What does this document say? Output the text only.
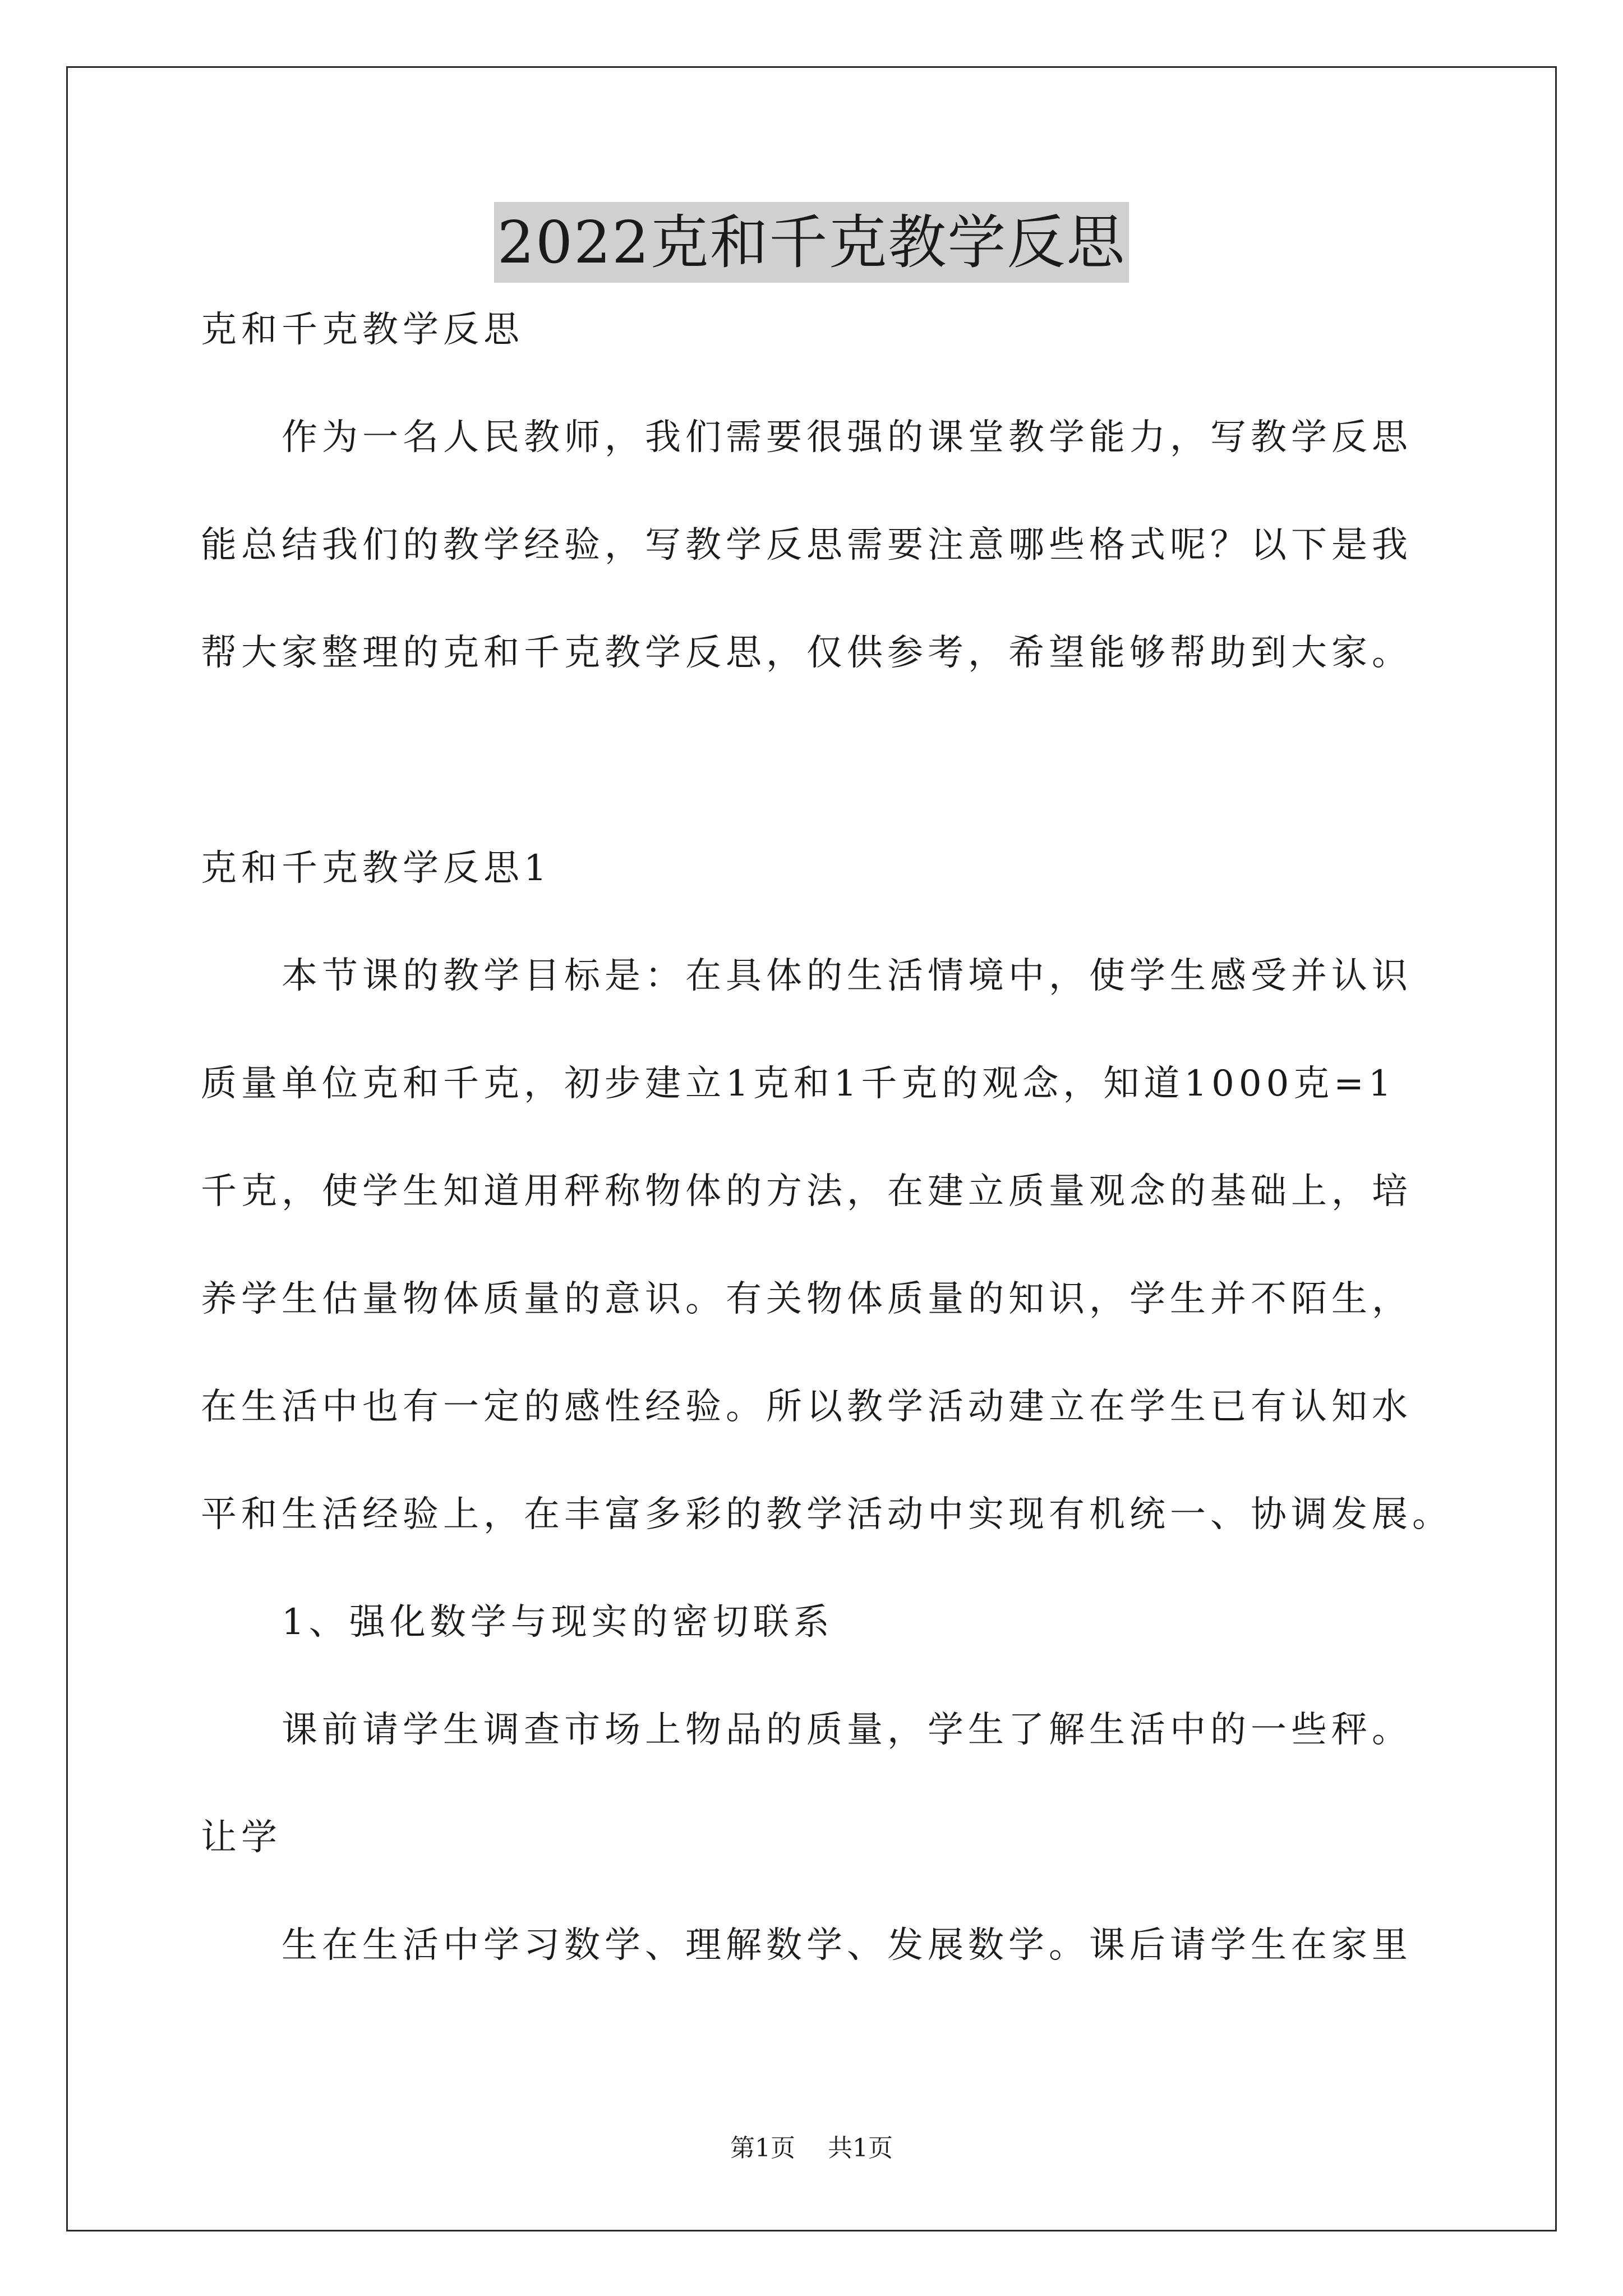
2022克和千克教学反思
克和千克教学反思
作为一名人民教师，我们需要很强的课堂教学能力，写教学反思
能总结我们的教学经验，写教学反思需要注意哪些格式呢？以下是我
帮大家整理的克和千克教学反思，仅供参考，希望能够帮助到大家。
克和千克教学反思1
本节课的教学目标是：在具体的生活情境中，使学生感受并认识
质量单位克和千克，初步建立1克和1千克的观念，知道1000克=1
千克，使学生知道用秤称物体的方法，在建立质量观念的基础上，培
养学生估量物体质量的意识。有关物体质量的知识，学生并不陌生，
在生活中也有一定的感性经验。所以教学活动建立在学生已有认知水
平和生活经验上，在丰富多彩的教学活动中实现有机统一、协调发展。
1、强化数学与现实的密切联系
课前请学生调查市场上物品的质量，学生了解生活中的一些秤。
让学
生在生活中学习数学、理解数学、发展数学。课后请学生在家里
第1页 共1页
